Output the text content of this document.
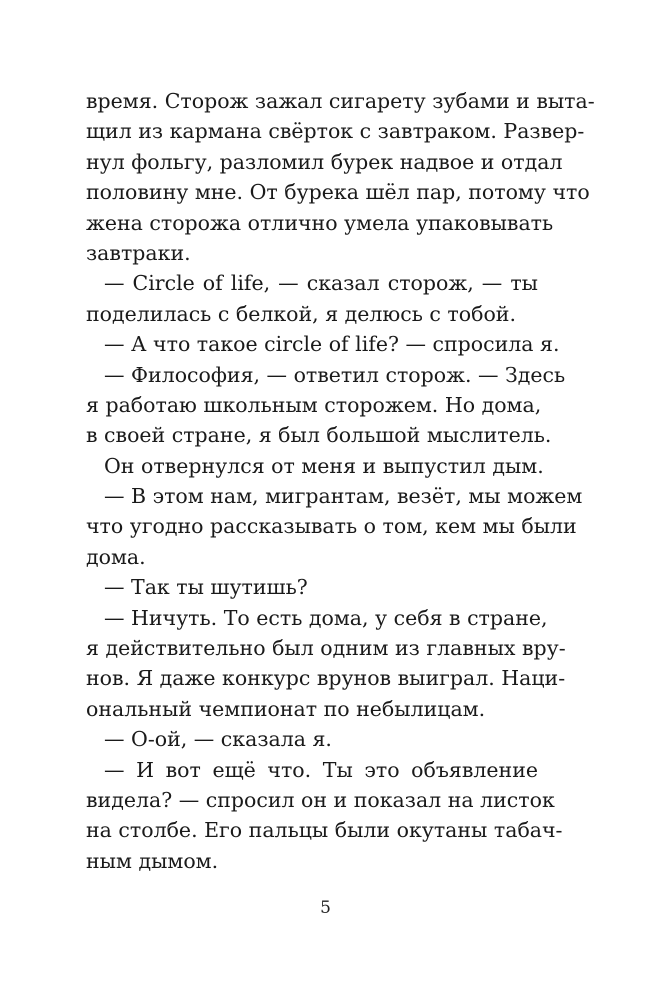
время. Сторож зажал сигарету зубами и выта-
щил из кармана свёрток с завтраком. Развер-
нул фольгу, разломил бурек надвое и отдал
половину мне. От бурека шёл пар, потому что
жена сторожа отлично умела упаковывать
завтраки.
— Circle of life, — сказал сторож, — ты
поделилась с белкой, я делюсь с тобой.
— А что такое circle of life? — спросила я.
— Философия, — ответил сторож. — Здесь
я работаю школьным сторожем. Но дома,
в своей стране, я был большой мыслитель.
Он отвернулся от меня и выпустил дым.
— В этом нам, мигрантам, везёт, мы можем
что угодно рассказывать о том, кем мы были
дома.
— Так ты шутишь?
— Ничуть. То есть дома, у себя в стране,
я действительно был одним из главных вру-
нов. Я даже конкурс врунов выиграл. Наци-
ональный чемпионат по небылицам.
— О-ой, — сказала я.
— И вот ещё что. Ты это объявление
видела? — спросил он и показал на листок
на столбе. Его пальцы были окутаны табач-
ным дымом.
5
